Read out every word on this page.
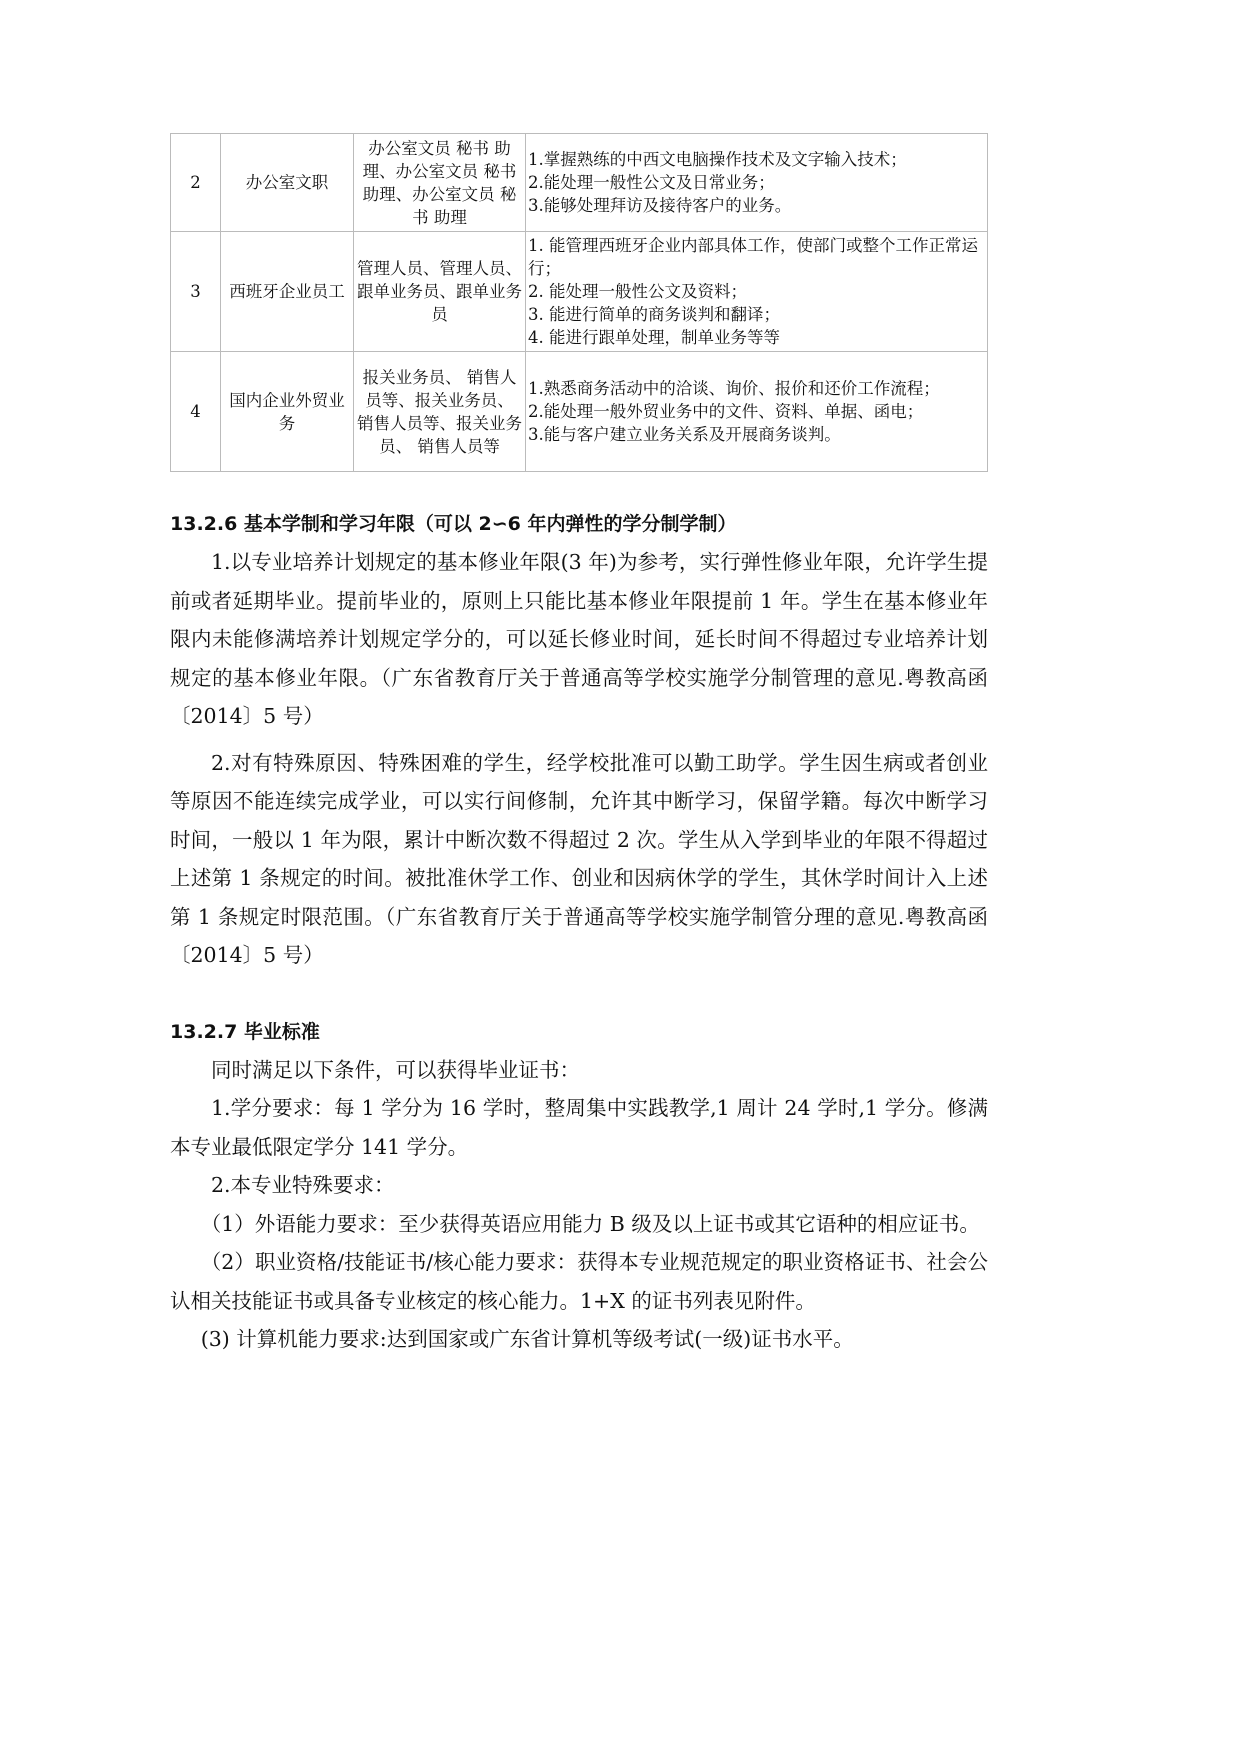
2	办公室文职	办公室文员 秘书 助理、办公室文员 秘书 助理、办公室文员 秘书 助理	1.掌握熟练的中西文电脑操作技术及文字输入技术；
2.能处理一般性公文及日常业务；
3.能够处理拜访及接待客户的业务。

3	西班牙企业员工	管理人员、管理人员、跟单业务员、跟单业务员	1. 能管理西班牙企业内部具体工作，使部门或整个工作正常运行；
2. 能处理一般性公文及资料；
3. 能进行简单的商务谈判和翻译；
4. 能进行跟单处理，制单业务等等

4	国内企业外贸业务	报关业务员、 销售人员等、报关业务员、 销售人员等、报关业务员、 销售人员等	1.熟悉商务活动中的洽谈、询价、报价和还价工作流程；
2.能处理一般外贸业务中的文件、资料、单据、函电；
3.能与客户建立业务关系及开展商务谈判。
13.2.6 基本学制和学习年限（可以 2∽6 年内弹性的学分制学制）

1.以专业培养计划规定的基本修业年限(3 年)为参考，实行弹性修业年限，允许学生提前或者延期毕业。提前毕业的，原则上只能比基本修业年限提前 1 年。学生在基本修业年限内未能修满培养计划规定学分的，可以延长修业时间，延长时间不得超过专业培养计划规定的基本修业年限。（广东省教育厅关于普通高等学校实施学分制管理的意见.粤教高函〔2014〕5 号）

2.对有特殊原因、特殊困难的学生，经学校批准可以勤工助学。学生因生病或者创业等原因不能连续完成学业，可以实行间修制，允许其中断学习，保留学籍。每次中断学习时间，一般以 1 年为限，累计中断次数不得超过 2 次。学生从入学到毕业的年限不得超过上述第 1 条规定的时间。被批准休学工作、创业和因病休学的学生，其休学时间计入上述第 1 条规定时限范围。（广东省教育厅关于普通高等学校实施学制管分理的意见.粤教高函〔2014〕5 号）

13.2.7 毕业标准

同时满足以下条件，可以获得毕业证书：

1.学分要求：每 1 学分为 16 学时，整周集中实践教学,1 周计 24 学时,1 学分。修满本专业最低限定学分 141 学分。

2.本专业特殊要求：

（1）外语能力要求：至少获得英语应用能力 B 级及以上证书或其它语种的相应证书。

（2）职业资格/技能证书/核心能力要求：获得本专业规范规定的职业资格证书、社会公认相关技能证书或具备专业核定的核心能力。1+X 的证书列表见附件。

(3) 计算机能力要求:达到国家或广东省计算机等级考试(一级)证书水平。
